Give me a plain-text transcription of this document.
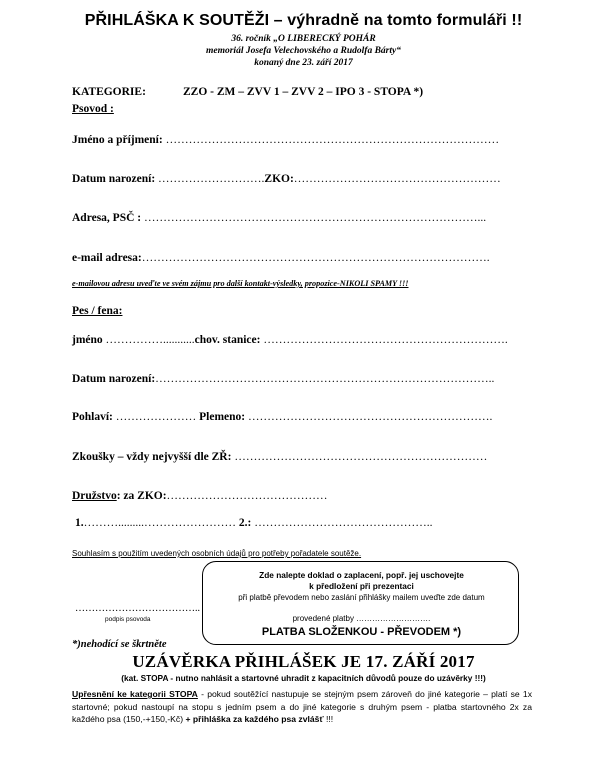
PŘIHLÁŠKA K SOUTĚŽI – výhradně na tomto formuláři !!
36. ročník „O LIBERECKÝ POHÁR
memoriál Josefa Velechovského a Rudolfa Bárty“
konaný dne 23. září 2017
KATEGORIE:	ZZO - ZM – ZVV 1 – ZVV 2 – IPO 3 - STOPA *)
Psovod :
Jméno a příjmení: ……………………………………………………………………………
Datum narození: ……………………….ZKO:………………………………………………
Adresa, PSČ : ……………………………………………………………………………...
e-mail adresa:……………………………………………………………………………….
e-mailovou adresu uveďte ve svém zájmu pro další kontakt-výsledky, propozice-NIKOLI SPAMY !!!
Pes / fena:
jméno ……………...........chov. stanice: ……………………………………………………….
Datum narození:……………………………………………………………………………..
Pohlaví: ………………… Plemeno: ……………………………………………………….
Zkoušky – vždy nejvyšší dle ZŘ: …………………………………………………………
Družstvo: za ZKO:……………………………………
1.……….........…………………… 2.: ………………………………………..
Souhlasím s použitím uvedených osobních údajů pro potřeby pořadatele soutěže.
………………………………..
podpis psovoda
Zde nalepte doklad o zaplacení, popř. jej uschovejte
k předložení při prezentaci
při platbě převodem nebo zaslání přihlášky mailem uveďte zde datum
provedené platby ……………………….
PLATBA SLOŽENKOU - PŘEVODEM *)
*)nehodící se škrtněte
UZÁVĚRKA PŘIHLÁŠEK JE 17. ZÁŘÍ 2017
(kat. STOPA - nutno nahlásit a startovné uhradit z kapacitních důvodů pouze do uzávěrky !!!)
Upřesnění ke kategorii STOPA - pokud soutěžící nastupuje se stejným psem zároveň do jiné kategorie – platí se 1x startovné; pokud nastoupí na stopu s jedním psem a do jiné kategorie s druhým psem - platba startovného 2x za každého psa (150,-+150,-Kč) + přihláška za každého psa zvlášť !!!
